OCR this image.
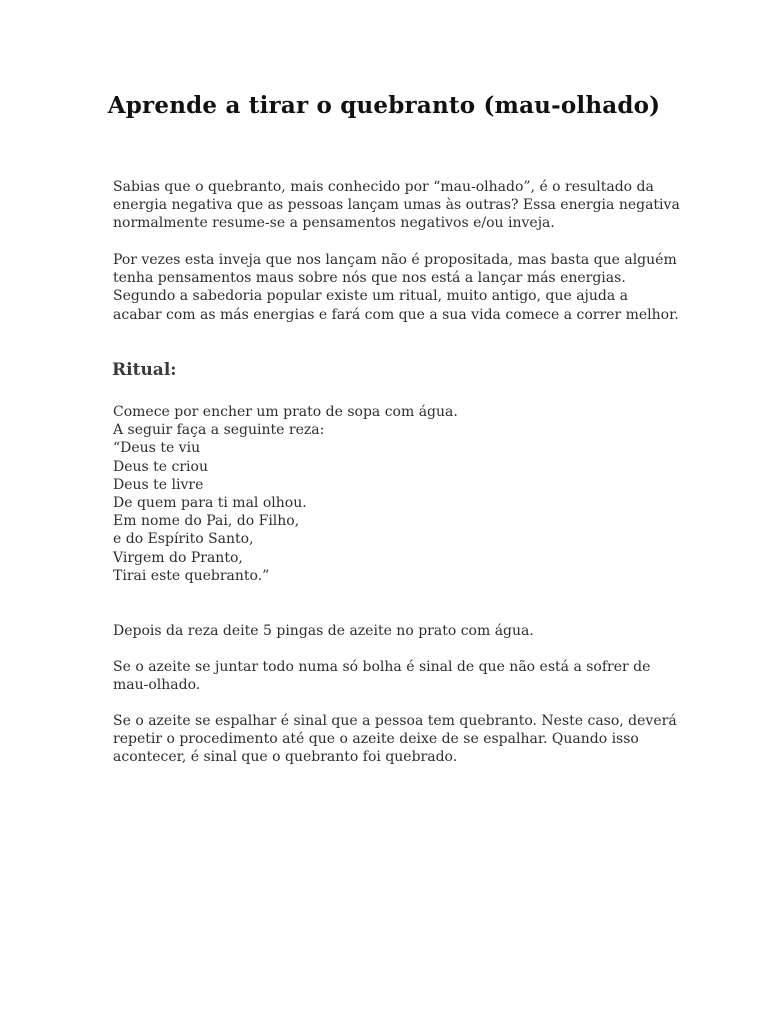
Aprende a tirar o quebranto (mau-olhado)

Sabias que o quebranto, mais conhecido por “mau-olhado”, é o resultado da
energia negativa que as pessoas lançam umas às outras? Essa energia negativa
normalmente resume-se a pensamentos negativos e/ou inveja.

Por vezes esta inveja que nos lançam não é propositada, mas basta que alguém
tenha pensamentos maus sobre nós que nos está a lançar más energias.
Segundo a sabedoria popular existe um ritual, muito antigo, que ajuda a
acabar com as más energias e fará com que a sua vida comece a correr melhor.

Ritual:

Comece por encher um prato de sopa com água.
A seguir faça a seguinte reza:
“Deus te viu
Deus te criou
Deus te livre
De quem para ti mal olhou.
Em nome do Pai, do Filho,
e do Espírito Santo,
Virgem do Pranto,
Tirai este quebranto.”

Depois da reza deite 5 pingas de azeite no prato com água.

Se o azeite se juntar todo numa só bolha é sinal de que não está a sofrer de
mau-olhado.

Se o azeite se espalhar é sinal que a pessoa tem quebranto. Neste caso, deverá
repetir o procedimento até que o azeite deixe de se espalhar. Quando isso
acontecer, é sinal que o quebranto foi quebrado.
